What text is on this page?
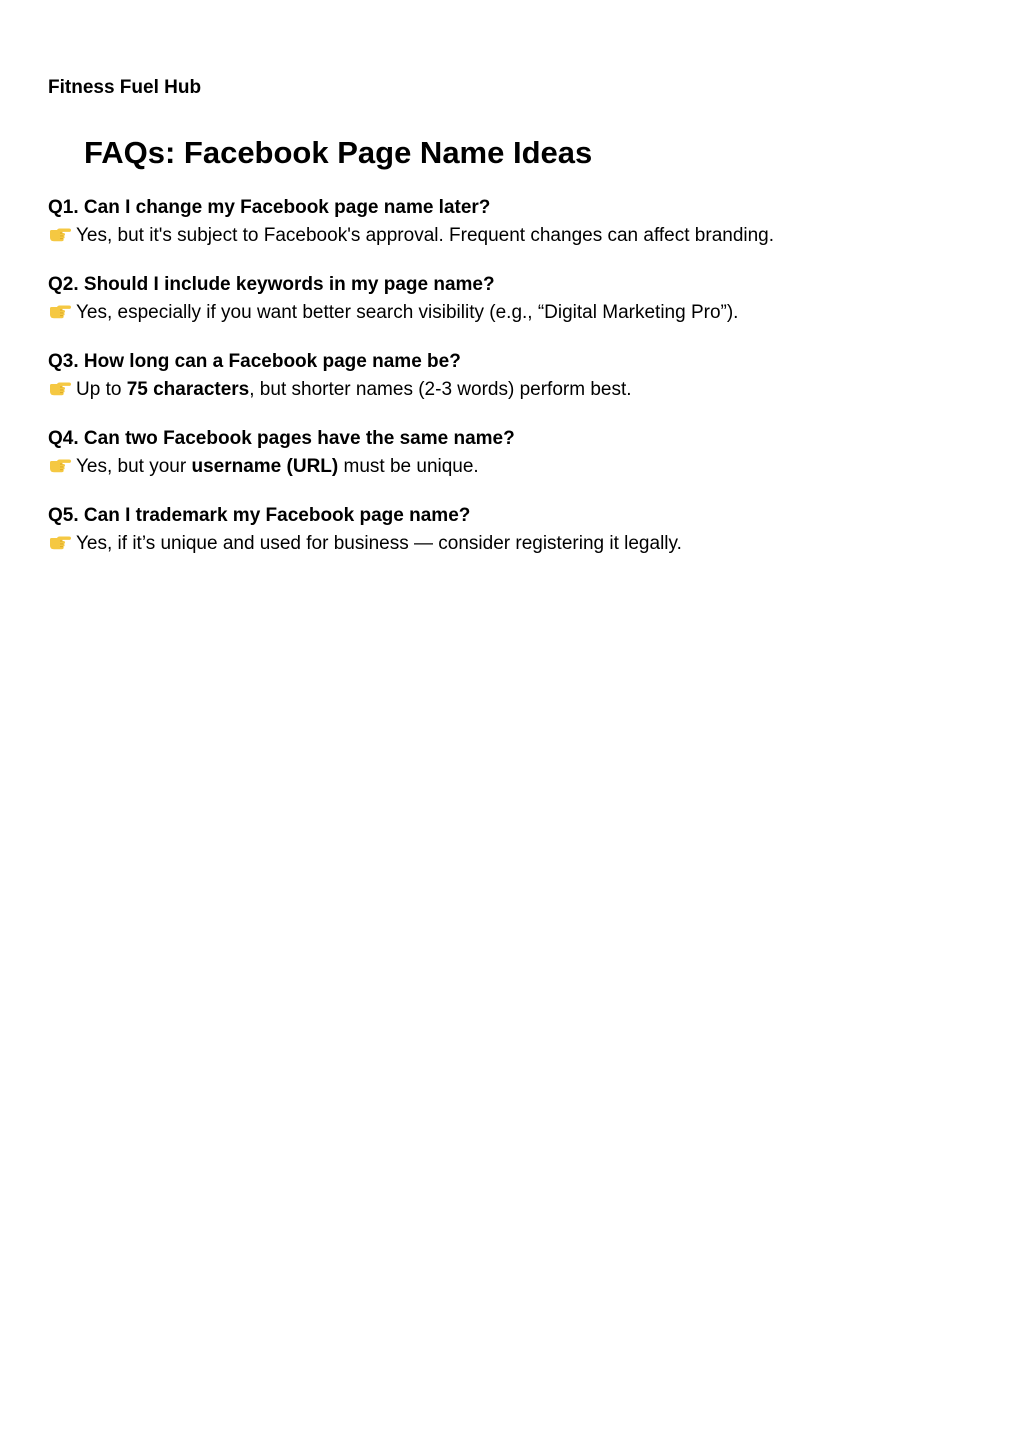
Fitness Fuel Hub

FAQs: Facebook Page Name Ideas

Q1. Can I change my Facebook page name later?

Yes, but it's subject to Facebook's approval. Frequent changes can affect branding.

Q2. Should I include keywords in my page name?

Yes, especially if you want better search visibility (e.g., “Digital Marketing Pro”).

Q3. How long can a Facebook page name be?

Up to 75 characters, but shorter names (2-3 words) perform best.

Q4. Can two Facebook pages have the same name?

Yes, but your username (URL) must be unique.

Q5. Can I trademark my Facebook page name?

Yes, if it’s unique and used for business — consider registering it legally.
